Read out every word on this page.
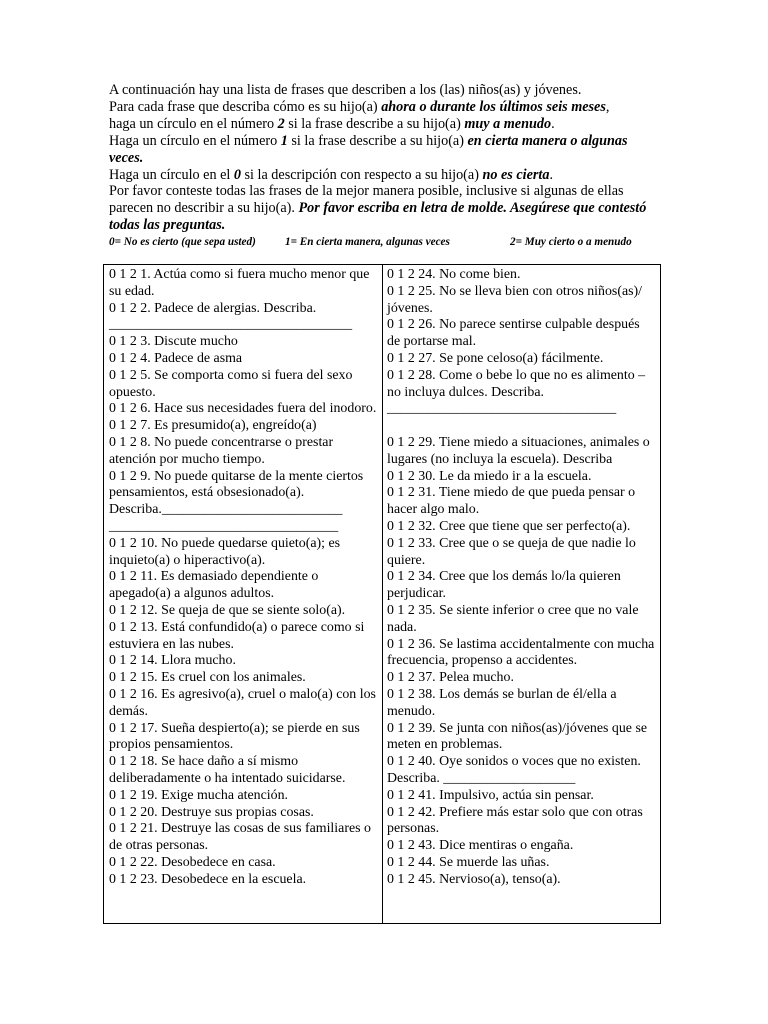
A continuación hay una lista de frases que describen a los (las) niños(as) y jóvenes.

Para cada frase que describa cómo es su hijo(a) ahora o durante los últimos seis meses,

haga un círculo en el número 2 si la frase describe a su hijo(a) muy a menudo.

Haga un círculo en el número 1 si la frase describe a su hijo(a) en cierta manera o algunas veces.

Haga un círculo en el 0 si la descripción con respecto a su hijo(a) no es cierta.

Por favor conteste todas las frases de la mejor manera posible, inclusive si algunas de ellas parecen no describir a su hijo(a). Por favor escriba en letra de molde. Asegúrese que contestó todas las preguntas.

0= No es cierto (que sepa usted)	1= En cierta manera, algunas veces	2= Muy cierto o a menudo
0 1 2 1. Actúa como si fuera mucho menor que su edad.
0 1 2 2. Padece de alergias. Describa. ___________________________________
0 1 2 3. Discute mucho
0 1 2 4. Padece de asma
0 1 2 5. Se comporta como si fuera del sexo opuesto.
0 1 2 6. Hace sus necesidades fuera del inodoro.
0 1 2 7. Es presumido(a), engreído(a)
0 1 2 8. No puede concentrarse o prestar atención por mucho tiempo.
0 1 2 9. No puede quitarse de la mente ciertos pensamientos, está obsesionado(a). Describa.__________________________ _________________________________
0 1 2 10. No puede quedarse quieto(a); es inquieto(a) o hiperactivo(a).
0 1 2 11. Es demasiado dependiente o apegado(a) a algunos adultos.
0 1 2 12. Se queja de que se siente solo(a).
0 1 2 13. Está confundido(a) o parece como si estuviera en las nubes.
0 1 2 14. Llora mucho.
0 1 2 15. Es cruel con los animales.
0 1 2 16. Es agresivo(a), cruel o malo(a) con los demás.
0 1 2 17. Sueña despierto(a); se pierde en sus propios pensamientos.
0 1 2 18. Se hace daño a sí mismo deliberadamente o ha intentado suicidarse.
0 1 2 19. Exige mucha atención.
0 1 2 20. Destruye sus propias cosas.
0 1 2 21. Destruye las cosas de sus familiares o de otras personas.
0 1 2 22. Desobedece en casa.
0 1 2 23. Desobedece en la escuela.
0 1 2 24. No come bien.
0 1 2 25. No se lleva bien con otros niños(as)/ jóvenes.
0 1 2 26. No parece sentirse culpable después de portarse mal.
0 1 2 27. Se pone celoso(a) fácilmente.
0 1 2 28. Come o bebe lo que no es alimento – no incluya dulces. Describa. _________________________________

0 1 2 29. Tiene miedo a situaciones, animales o lugares (no incluya la escuela). Describa
0 1 2 30. Le da miedo ir a la escuela.
0 1 2 31. Tiene miedo de que pueda pensar o hacer algo malo.
0 1 2 32. Cree que tiene que ser perfecto(a).
0 1 2 33. Cree que o se queja de que nadie lo quiere.
0 1 2 34. Cree que los demás lo/la quieren perjudicar.
0 1 2 35. Se siente inferior o cree que no vale nada.
0 1 2 36. Se lastima accidentalmente con mucha frecuencia, propenso a accidentes.
0 1 2 37. Pelea mucho.
0 1 2 38. Los demás se burlan de él/ella a menudo.
0 1 2 39. Se junta con niños(as)/jóvenes que se meten en problemas.
0 1 2 40. Oye sonidos o voces que no existen. Describa. ___________________
0 1 2 41. Impulsivo, actúa sin pensar.
0 1 2 42. Prefiere más estar solo que con otras personas.
0 1 2 43. Dice mentiras o engaña.
0 1 2 44. Se muerde las uñas.
0 1 2 45. Nervioso(a), tenso(a).
